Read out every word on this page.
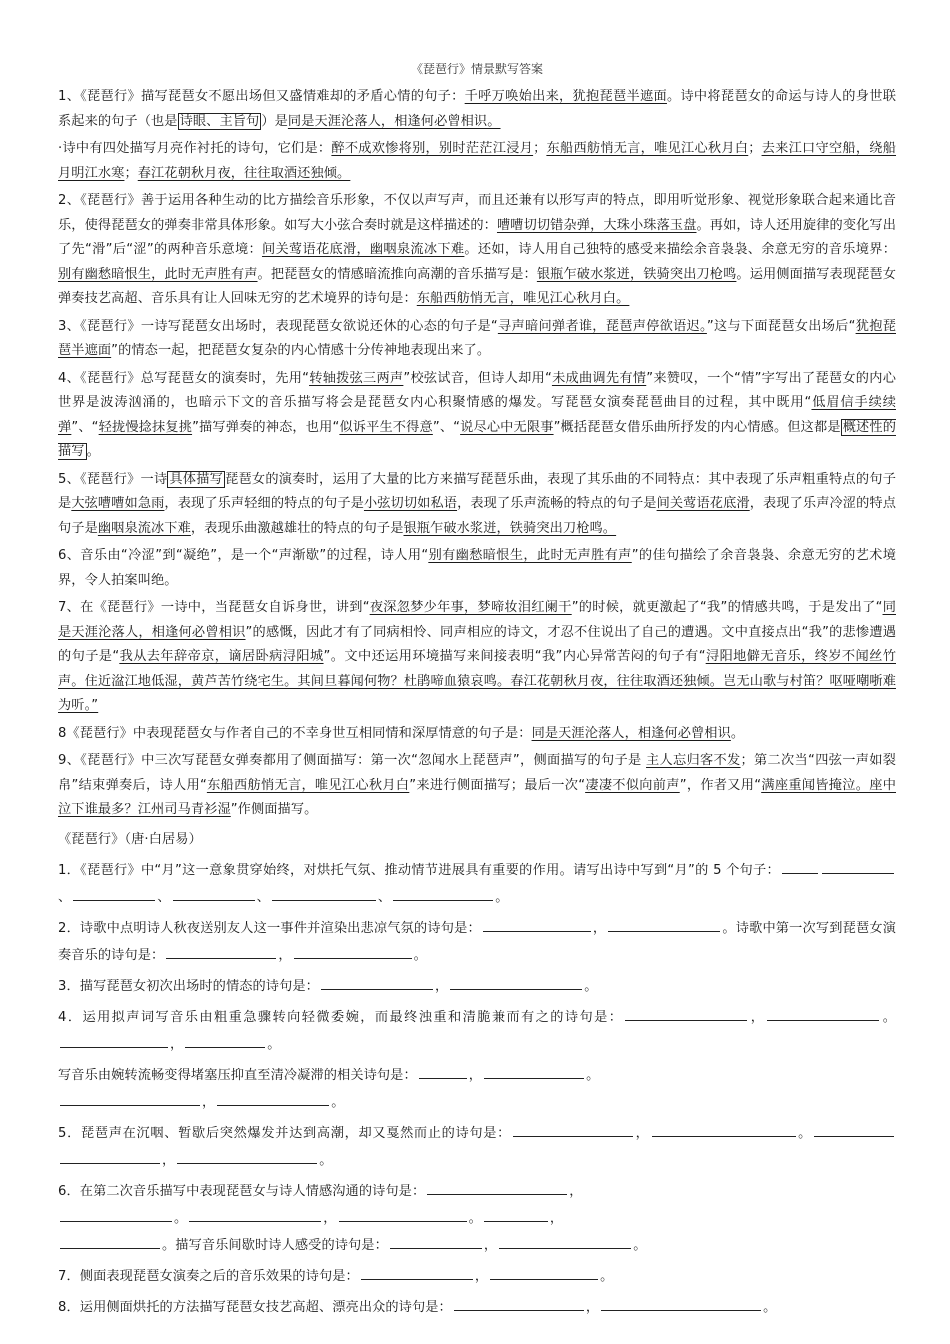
《琵琶行》情景默写答案

1、《琵琶行》描写琵琶女不愿出场但又盛情难却的矛盾心情的句子：千呼万唤始出来，犹抱琵琶半遮面。诗中将琵琶女的命运与诗人的身世联系起来的句子（也是 诗眼、主旨句 ）是同是天涯沦落人，相逢何必曾相识。

·诗中有四处描写月亮作衬托的诗句，它们是：醉不成欢惨将别，别时茫茫江浸月；东船西舫悄无言，唯见江心秋月白；去来江口守空船，绕船月明江水寒；春江花朝秋月夜，往往取酒还独倾。

2、《琵琶行》善于运用各种生动的比方描绘音乐形象，不仅以声写声，而且还兼有以形写声的特点，即用听觉形象、视觉形象联合起来通比音乐，使得琵琶女的弹奏非常具体形象。如写大小弦合奏时就是这样描述的：嘈嘈切切错杂弹，大珠小珠落玉盘。再如，诗人还用旋律的变化写出了先“滑”后“涩”的两种音乐意境：间关莺语花底滑，幽咽泉流冰下难。还如，诗人用自己独特的感受来描绘余音袅袅、余意无穷的音乐境界：别有幽愁暗恨生，此时无声胜有声。把琵琶女的情感暗流推向高潮的音乐描写是：银瓶乍破水浆迸，铁骑突出刀枪鸣。运用侧面描写表现琵琶女弹奏技艺高超、音乐具有让人回味无穷的艺术境界的诗句是：东船西舫悄无言，唯见江心秋月白。

3、《琵琶行》一诗写琵琶女出场时，表现琵琶女欲说还休的心态的句子是“寻声暗问弹者谁，琵琶声停欲语迟。”这与下面琵琶女出场后“犹抱琵琶半遮面”的情态一起，把琵琶女复杂的内心情感十分传神地表现出来了。

4、《琵琶行》总写琵琶女的演奏时，先用“转轴拨弦三两声”校弦试音，但诗人却用“未成曲调先有情”来赞叹，一个“情”字写出了琵琶女的内心世界是波涛汹涌的，也暗示下文的音乐描写将会是琵琶女内心积聚情感的爆发。写琵琶女演奏琵琶曲目的过程，其中既用“低眉信手续续弹”、“轻拢慢捻抹复挑”描写弹奏的神态，也用“似诉平生不得意”、“说尽心中无限事”概括琵琶女借乐曲所抒发的内心情感。但这都是 概述性的描写 。

5、《琵琶行》一诗 具体描写 琵琶女的演奏时，运用了大量的比方来描写琵琶乐曲，表现了其乐曲的不同特点：其中表现了乐声粗重特点的句子是大弦嘈嘈如急雨，表现了乐声轻细的特点的句子是小弦切切如私语，表现了乐声流畅的特点的句子是间关莺语花底滑，表现了乐声冷涩的特点句子是幽咽泉流冰下难，表现乐曲激越雄壮的特点的句子是银瓶乍破水浆迸，铁骑突出刀枪鸣。

6、音乐由“冷涩”到“凝绝”，是一个“声渐歇”的过程，诗人用“别有幽愁暗恨生，此时无声胜有声”的佳句描绘了余音袅袅、余意无穷的艺术境界，令人拍案叫绝。

7、在《琵琶行》一诗中，当琵琶女自诉身世，讲到“夜深忽梦少年事，梦啼妆泪红阑干”的时候，就更激起了“我”的情感共鸣，于是发出了“同是天涯沦落人，相逢何必曾相识”的感慨，因此才有了同病相怜、同声相应的诗文，才忍不住说出了自己的遭遇。文中直接点出“我”的悲惨遭遇的句子是“我从去年辞帝京，谪居卧病浔阳城”。文中还运用环境描写来间接表明“我”内心异常苦闷的句子有“浔阳地僻无音乐，终岁不闻丝竹声。住近湓江地低湿，黄芦苦竹绕宅生。其间旦暮闻何物？杜鹃啼血猿哀鸣。春江花朝秋月夜，往往取酒还独倾。岂无山歌与村笛？呕哑嘲哳难为听。”

8《琵琶行》中表现琵琶女与作者自己的不幸身世互相同情和深厚情意的句子是：同是天涯沦落人，相逢何必曾相识。

9、《琵琶行》中三次写琵琶女弹奏都用了侧面描写：第一次“忽闻水上琵琶声”，侧面描写的句子是 主人忘归客不发；第二次当“四弦一声如裂帛”结束弹奏后，诗人用“东船西舫悄无言，唯见江心秋月白”来进行侧面描写；最后一次“凄凄不似向前声”，作者又用“满座重闻皆掩泣。座中泣下谁最多？江州司马青衫湿”作侧面描写。

《琵琶行》（唐·白居易）

1．《琵琶行》中“月”这一意象贯穿始终，对烘托气氛、推动情节进展具有重要的作用。请写出诗中写到“月”的 5 个句子：、	、	、	、	。

2．诗歌中点明诗人秋夜送别友人这一事件并渲染出悲凉气氛的诗句是：	，	。诗歌中第一次写到琵琶女演奏音乐的诗句是：	，	。

3．描写琵琶女初次出场时的情态的诗句是：	，	。

4．运用拟声词写音乐由粗重急骤转向轻微委婉，而最终浊重和清脆兼而有之的诗句是：	，	。，	。

写音乐由婉转流畅变得堵塞压抑直至清冷凝滞的相关诗句是：	，	。
，	。

5．琵琶声在沉咽、暂歇后突然爆发并达到高潮，却又戛然而止的诗句是：	，	。，	。

6．在第二次音乐描写中表现琵琶女与诗人情感沟通的诗句是：	，
。	，	。	，
。描写音乐间歇时诗人感受的诗句是：	，	。

7．侧面表现琵琶女演奏之后的音乐效果的诗句是：	，	。

8．运用侧面烘托的方法描写琵琶女技艺高超、漂亮出众的诗句是：	，	。
